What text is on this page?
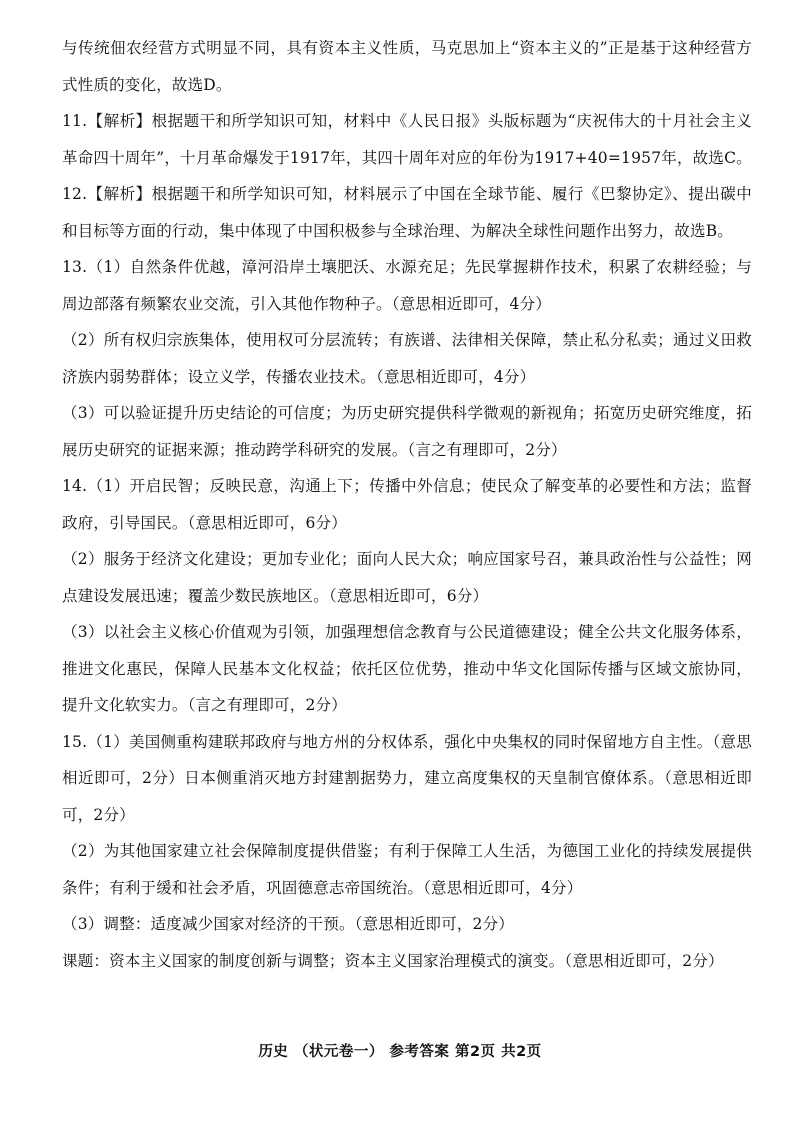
与传统佃农经营方式明显不同，具有资本主义性质，马克思加上“资本主义的”正是基于这种经营方式性质的变化，故选D。

11.【解析】根据题干和所学知识可知，材料中《人民日报》头版标题为“庆祝伟大的十月社会主义革命四十周年”，十月革命爆发于1917年，其四十周年对应的年份为1917+40=1957年，故选C。

12.【解析】根据题干和所学知识可知，材料展示了中国在全球节能、履行《巴黎协定》、提出碳中和目标等方面的行动，集中体现了中国积极参与全球治理、为解决全球性问题作出努力，故选B。

13.（1）自然条件优越，漳河沿岸土壤肥沃、水源充足；先民掌握耕作技术，积累了农耕经验；与周边部落有频繁农业交流，引入其他作物种子。（意思相近即可，4分）

（2）所有权归宗族集体，使用权可分层流转；有族谱、法律相关保障，禁止私分私卖；通过义田救济族内弱势群体；设立义学，传播农业技术。（意思相近即可，4分）

（3）可以验证提升历史结论的可信度；为历史研究提供科学微观的新视角；拓宽历史研究维度，拓展历史研究的证据来源；推动跨学科研究的发展。（言之有理即可，2分）

14.（1）开启民智；反映民意，沟通上下；传播中外信息；使民众了解变革的必要性和方法；监督政府，引导国民。（意思相近即可，6分）

（2）服务于经济文化建设；更加专业化；面向人民大众；响应国家号召，兼具政治性与公益性；网点建设发展迅速；覆盖少数民族地区。（意思相近即可，6分）

（3）以社会主义核心价值观为引领，加强理想信念教育与公民道德建设；健全公共文化服务体系，推进文化惠民，保障人民基本文化权益；依托区位优势，推动中华文化国际传播与区域文旅协同，提升文化软实力。（言之有理即可，2分）

15.（1）美国侧重构建联邦政府与地方州的分权体系，强化中央集权的同时保留地方自主性。（意思相近即可，2分）日本侧重消灭地方封建割据势力，建立高度集权的天皇制官僚体系。（意思相近即可，2分）

（2）为其他国家建立社会保障制度提供借鉴；有利于保障工人生活，为德国工业化的持续发展提供条件；有利于缓和社会矛盾，巩固德意志帝国统治。（意思相近即可，4分）

（3）调整：适度减少国家对经济的干预。（意思相近即可，2分）

课题：资本主义国家的制度创新与调整；资本主义国家治理模式的演变。（意思相近即可，2分）

历史 （状元卷一） 参考答案 第2页 共2页
